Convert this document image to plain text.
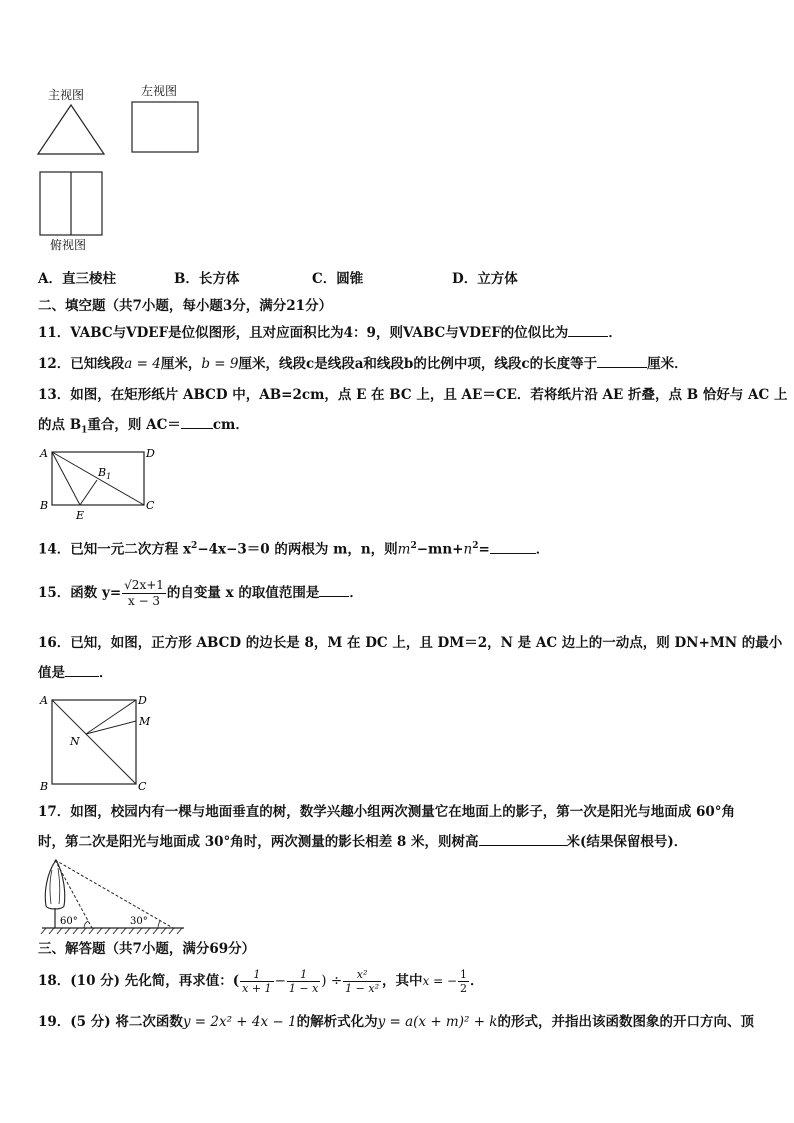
主视图	左视图
俯视图
A．直三棱柱	B．长方体	C．圆锥	D．立方体
二、填空题（共7小题，每小题3分，满分21分）
11．VABC与VDEF是位似图形，且对应面积比为4：9，则VABC与VDEF的位似比为	．
12．已知线段a = 4厘米，b = 9厘米，线段c是线段a和线段b的比例中项，线段c的长度等于	厘米．
13．如图，在矩形纸片 ABCD 中，AB=2cm，点 E 在 BC 上，且 AE＝CE．若将纸片沿 AE 折叠，点 B 恰好与 AC 上
的点 $B_1$重合，则 AC＝ cm．
A	D
B	C
E
$B_1$
14．已知一元二次方程 $x^2-4x-3=0$ 的两根为 m，n，则$m^2-mn+n^2=$	．
15．函数 $y= \frac{√2x+1}{x - 3}$ 的自变量 x 的取值范围是 ．
16．已知，如图，正方形 ABCD 的边长是 8，M 在 DC 上，且 DM＝2，N 是 AC 边上的一动点，则 DN+MN 的最小
值是	．
A	D
M
N
B	C
17．如图，校园内有一棵与地面垂直的树，数学兴趣小组两次测量它在地面上的影子，第一次是阳光与地面成 60°角
时，第二次是阳光与地面成 30°角时，两次测量的影长相差 8 米，则树高	米(结果保留根号)．
60°	30°
三、解答题（共7小题，满分69分）
18．(10 分) 先化简，再求值：( $\frac{1}{x + 1} - \frac{1}{1 - x}$ ) ÷ $\frac{\text{x²}}{\text{1 − x²}}$ ，其中x = − $\frac{1}{2}$ ．
19．(5 分) 将二次函数y = 2x² + 4x − 1的解析式化为y = a(x + m)² + k的形式，并指出该函数图象的开口方向、顶
